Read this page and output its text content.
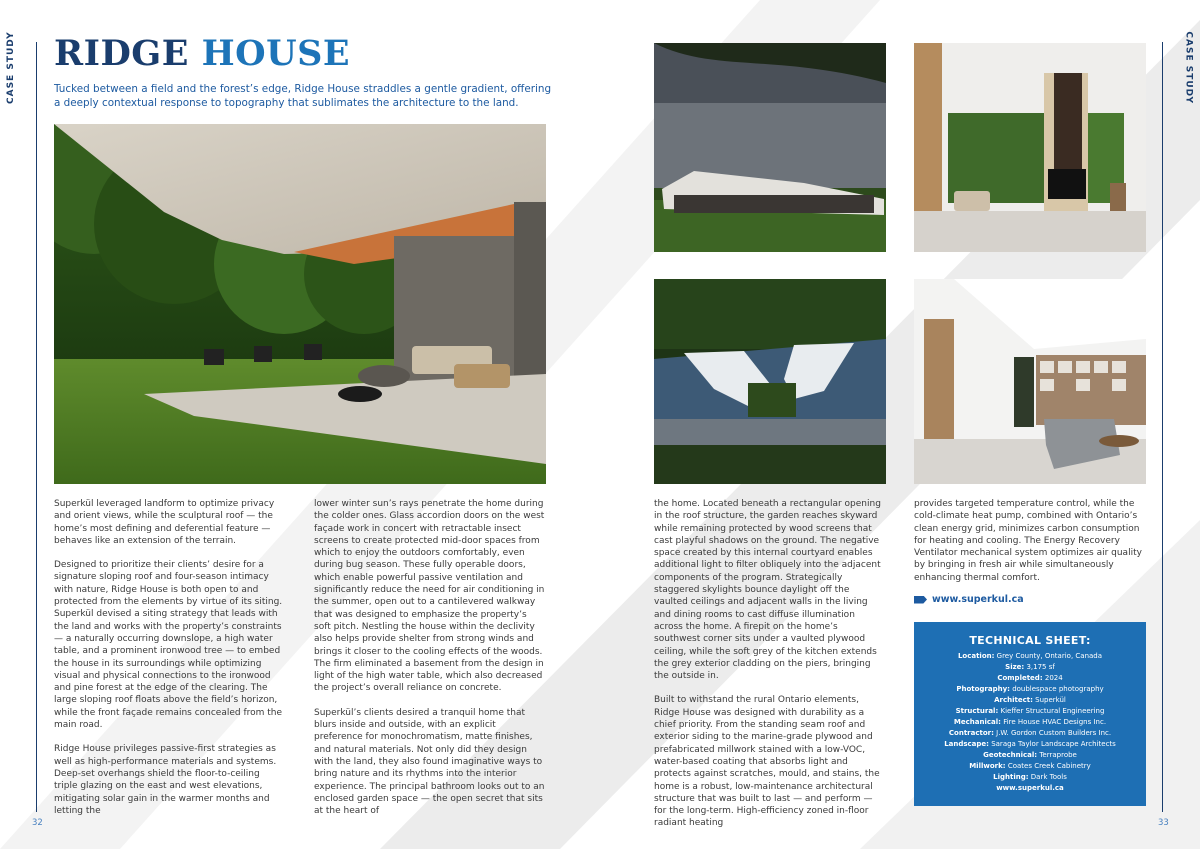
CASE STUDY	CASE STUDY
RIDGE HOUSE

Tucked between a field and the forest’s edge, Ridge House straddles a gentle gradient, offering a deeply contextual response to topography that sublimates the architecture to the land.

Superkül leveraged landform to optimize privacy and orient views, while the sculptural roof — the home’s most defining and deferential feature — behaves like an extension of the terrain.

Designed to prioritize their clients’ desire for a signature sloping roof and four-season intimacy with nature, Ridge House is both open to and protected from the elements by virtue of its siting. Superkül devised a siting strategy that leads with the land and works with the property’s constraints — a naturally occurring downslope, a high water table, and a prominent ironwood tree — to embed the house in its surroundings while optimizing visual and physical connections to the ironwood and pine forest at the edge of the clearing. The large sloping roof floats above the field’s horizon, while the front façade remains concealed from the main road.

Ridge House privileges passive-first strategies as well as high-performance materials and systems. Deep-set overhangs shield the floor-to-ceiling triple glazing on the east and west elevations, mitigating solar gain in the warmer months and letting the

lower winter sun’s rays penetrate the home during the colder ones. Glass accordion doors on the west façade work in concert with retractable insect screens to create protected mid-door spaces from which to enjoy the outdoors comfortably, even during bug season. These fully operable doors, which enable powerful passive ventilation and significantly reduce the need for air conditioning in the summer, open out to a cantilevered walkway that was designed to emphasize the property’s soft pitch. Nestling the house within the declivity also helps provide shelter from strong winds and brings it closer to the cooling effects of the woods. The firm eliminated a basement from the design in light of the high water table, which also decreased the project’s overall reliance on concrete.

Superkül’s clients desired a tranquil home that blurs inside and outside, with an explicit preference for monochromatism, matte finishes, and natural materials. Not only did they design with the land, they also found imaginative ways to bring nature and its rhythms into the interior experience. The principal bathroom looks out to an enclosed garden space — the open secret that sits at the heart of

the home. Located beneath a rectangular opening in the roof structure, the garden reaches skyward while remaining protected by wood screens that cast playful shadows on the ground. The negative space created by this internal courtyard enables additional light to filter obliquely into the adjacent components of the program. Strategically staggered skylights bounce daylight off the vaulted ceilings and adjacent walls in the living and dining rooms to cast diffuse illumination across the home. A firepit on the home’s southwest corner sits under a vaulted plywood ceiling, while the soft grey of the kitchen extends the grey exterior cladding on the piers, bringing the outside in.

Built to withstand the rural Ontario elements, Ridge House was designed with durability as a chief priority. From the standing seam roof and exterior siding to the marine-grade plywood and prefabricated millwork stained with a low-VOC, water-based coating that absorbs light and protects against scratches, mould, and stains, the home is a robust, low-maintenance architectural structure that was built to last — and perform — for the long-term. High-efficiency zoned in-floor radiant heating

provides targeted temperature control, while the cold-climate heat pump, combined with Ontario’s clean energy grid, minimizes carbon consumption for heating and cooling. The Energy Recovery Ventilator mechanical system optimizes air quality by bringing in fresh air while simultaneously enhancing thermal comfort.

www.superkul.ca
TECHNICAL SHEET:
Location: Grey County, Ontario, Canada
Size: 3,175 sf
Completed: 2024
Photography: doublespace photography
Architect: Superkül
Structural: Kieffer Structural Engineering
Mechanical: Fire House HVAC Designs Inc.
Contractor: J.W. Gordon Custom Builders Inc.
Landscape: Saraga Taylor Landscape Architects
Geotechnical: Terraprobe
Millwork: Coates Creek Cabinetry
Lighting: Dark Tools
www.superkul.ca
32	33
